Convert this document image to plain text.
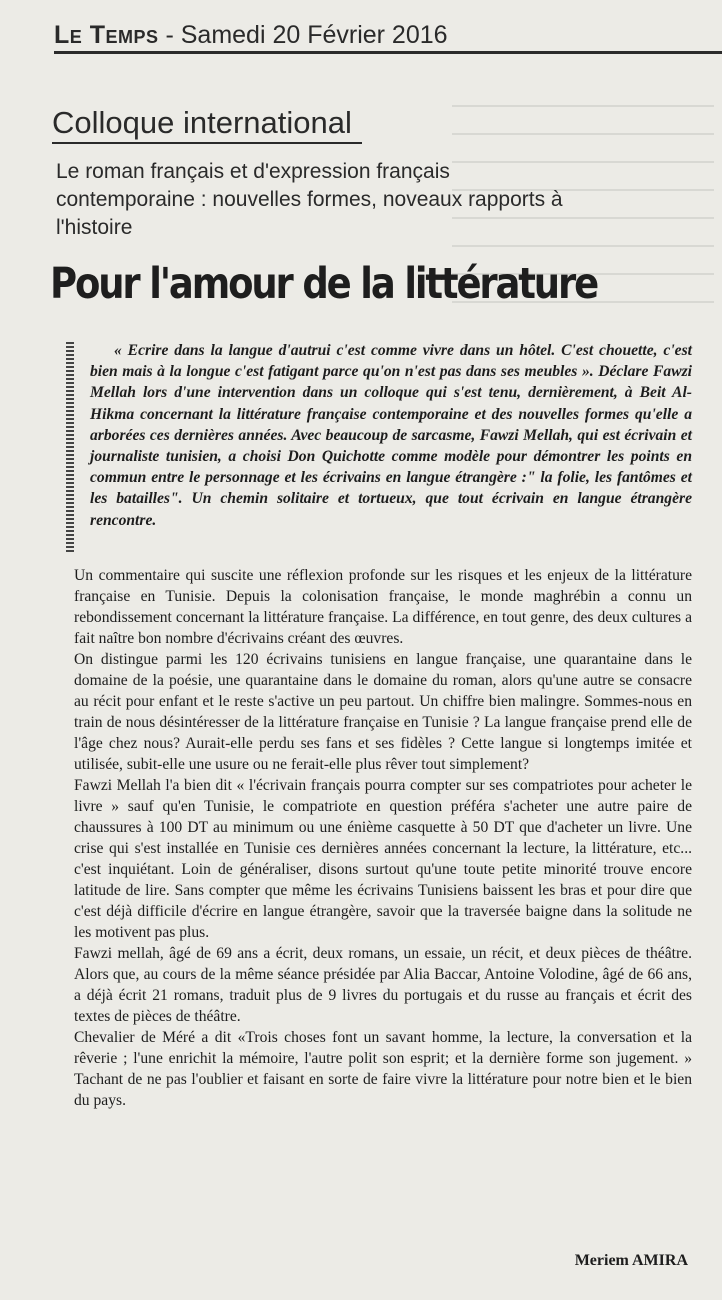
Le Temps - Samedi 20 Février 2016
Colloque international
Le roman français et d'expression français contemporaine : nouvelles formes, noveaux rapports à l'histoire
Pour l'amour de la littérature

« Ecrire dans la langue d'autrui c'est comme vivre dans un hôtel. C'est chouette, c'est bien mais à la longue c'est fatigant parce qu'on n'est pas dans ses meubles ». Déclare Fawzi Mellah lors d'une intervention dans un colloque qui s'est tenu, dernièrement, à Beit Al-Hikma concernant la littérature française contemporaine et des nouvelles formes qu'elle a arborées ces dernières années. Avec beaucoup de sarcasme, Fawzi Mellah, qui est écrivain et journaliste tunisien, a choisi Don Quichotte comme modèle pour démontrer les points en commun entre le personnage et les écrivains en langue étrangère :" la folie, les fantômes et les batailles". Un chemin solitaire et tortueux, que tout écrivain en langue étrangère rencontre.

Un commentaire qui suscite une réflexion profonde sur les risques et les enjeux de la littérature française en Tunisie. Depuis la colonisation française, le monde maghrébin a connu un rebondissement concernant la littérature française. La différence, en tout genre, des deux cultures a fait naître bon nombre d'écrivains créant des œuvres.

On distingue parmi les 120 écrivains tunisiens en langue française, une quarantaine dans le domaine de la poésie, une quarantaine dans le domaine du roman, alors qu'une autre se consacre au récit pour enfant et le reste s'active un peu partout. Un chiffre bien malingre. Sommes-nous en train de nous désintéresser de la littérature française en Tunisie ? La langue française prend elle de l'âge chez nous? Aurait-elle perdu ses fans et ses fidèles ? Cette langue si longtemps imitée et utilisée, subit-elle une usure ou ne ferait-elle plus rêver tout simplement?

Fawzi Mellah l'a bien dit « l'écrivain français pourra compter sur ses compatriotes pour acheter le livre » sauf qu'en Tunisie, le compatriote en question préféra s'acheter une autre paire de chaussures à 100 DT au minimum ou une énième casquette à 50 DT que d'acheter un livre. Une crise qui s'est installée en Tunisie ces dernières années concernant la lecture, la littérature, etc... c'est inquiétant. Loin de généraliser, disons surtout qu'une toute petite minorité trouve encore latitude de lire. Sans compter que même les écrivains Tunisiens baissent les bras et pour dire que c'est déjà difficile d'écrire en langue étrangère, savoir que la traversée baigne dans la solitude ne les motivent pas plus.

Fawzi mellah, âgé de 69 ans a écrit, deux romans, un essaie, un récit, et deux pièces de théâtre. Alors que, au cours de la même séance présidée par Alia Baccar, Antoine Volodine, âgé de 66 ans, a déjà écrit 21 romans, traduit plus de 9 livres du portugais et du russe au français et écrit des textes de pièces de théâtre.

Chevalier de Méré a dit «Trois choses font un savant homme, la lecture, la conversation et la rêverie ; l'une enrichit la mémoire, l'autre polit son esprit; et la dernière forme son jugement. » Tachant de ne pas l'oublier et faisant en sorte de faire vivre la littérature pour notre bien et le bien du pays.

Meriem AMIRA
